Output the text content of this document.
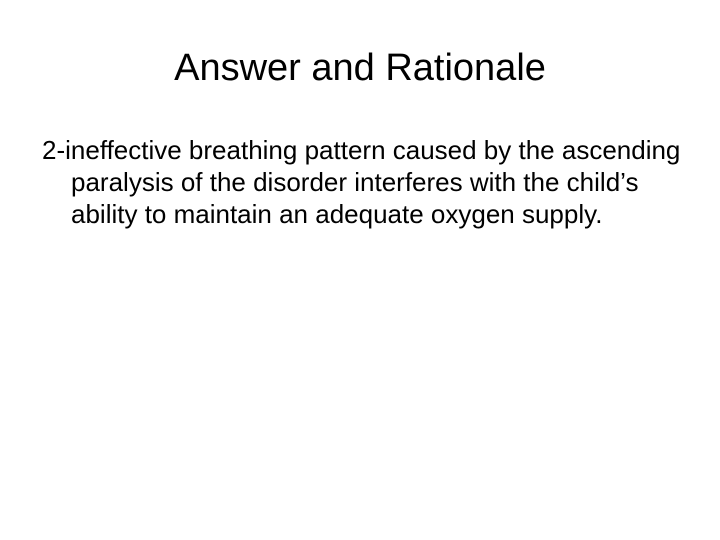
Answer and Rationale

2-ineffective breathing pattern caused by the ascending paralysis of the disorder interferes with the child’s ability to maintain an adequate oxygen supply.
